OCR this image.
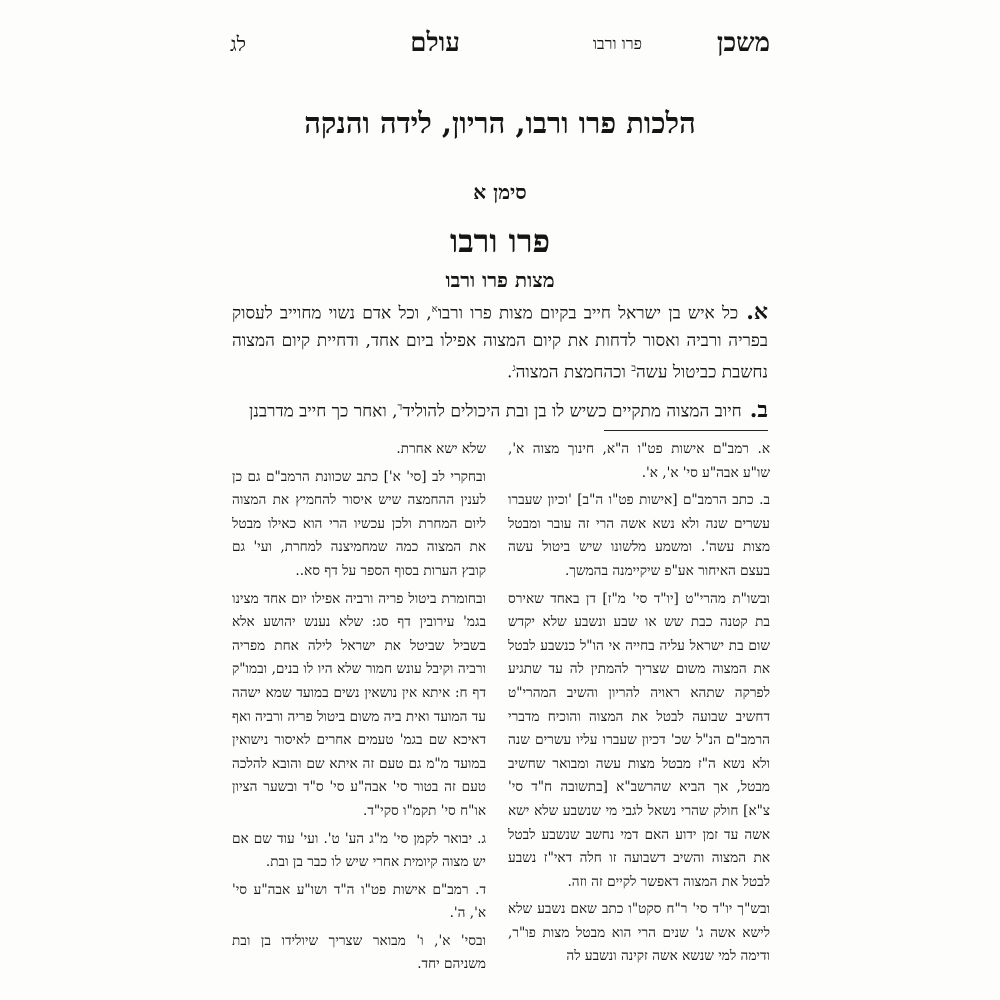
משכן
פרו ורבו
עולם
לג
הלכות פרו ורבו, הריון, לידה והנקה
סימן א
פרו ורבו
מצות פרו ורבו

א.כל איש בן ישראל חייב בקיום מצות פרו ורבו$^א$, וכל אדם נשוי מחוייב לעסוק בפריה ורביה ואסור לדחות את קיום המצוה אפילו ביום אחד, ודחיית קיום המצוה נחשבת כביטול עשה$^ב$ וכהחמצת המצוה$^ג$.

ב.חיוב המצוה מתקיים כשיש לו בן ובת היכולים להוליד$^ד$, ואחר כך חייב מדרבנן

א. רמב"ם אישות פט"ו ה"א, חינוך מצוה א', שו"ע אבה"ע סי' א', א'.

ב. כתב הרמב"ם [אישות פט"ו ה"ב] 'וכיון שעברו עשרים שנה ולא נשא אשה הרי זה עובר ומבטל מצות עשה'. ומשמע מלשונו שיש ביטול עשה בעצם האיחור אע"פ שיקיימנה בהמשך.

ובשו"ת מהרי"ט [יו"ד סי' מ"ז] דן באחד שאירס בת קטנה כבת שש או שבע ונשבע שלא יקדש שום בת ישראל עליה בחייה אי הו"ל כנשבע לבטל את המצוה משום שצריך להמתין לה עד שתגיע לפרקה שתהא ראויה להריון והשיב המהרי"ט דחשיב שבועה לבטל את המצוה והוכיח מדברי הרמב"ם הנ"ל שכ' דכיון שעברו עליו עשרים שנה ולא נשא ה"ז מבטל מצות עשה ומבואר שחשיב מבטל, אך הביא שהרשב"א [בתשובה ח"ד סי' צ"א] חולק שהרי נשאל לגבי מי שנשבע שלא ישא אשה עד זמן ידוע האם דמי נחשב שנשבע לבטל את המצוה והשיב דשבועה זו חלה דאי"ז נשבע לבטל את המצוה דאפשר לקיים זה וזה.

ובש"ך יו"ד סי' ר"ח סקט"ו כתב שאם נשבע שלא לישא אשה ג' שנים הרי הוא מבטל מצות פו"ר, ודימה למי שנשא אשה זקינה ונשבע לה

שלא ישא אחרת.

ובחקרי לב [סי' א'] כתב שכוונת הרמב"ם גם כן לענין ההחמצה שיש איסור להחמיץ את המצוה ליום המחרת ולכן עכשיו הרי הוא כאילו מבטל את המצוה כמה שמחמיצנה למחרת, ועי' גם קובץ הערות בסוף הספר על דף סא..

ובחומרת ביטול פריה ורביה אפילו יום אחד מצינו בגמ' עירובין דף סג: שלא נענש יהושע אלא בשביל שביטל את ישראל לילה אחת מפריה ורביה וקיבל עונש חמור שלא היו לו בנים, ובמו"ק דף ח: איתא אין נושאין נשים במועד שמא ישהה עד המועד ואית ביה משום ביטול פריה ורביה ואף דאיכא שם בגמ' טעמים אחרים לאיסור נישואין במועד מ"מ גם טעם זה איתא שם והובא להלכה טעם זה בטור סי' אבה"ע סי' ס"ד ובשער הציון או"ח סי' תקמ"ו סקי"ד.

ג. יבואר לקמן סי' מ"ג הע' ט'. ועי' עוד שם אם יש מצוה קיומית אחרי שיש לו כבר בן ובת.

ד. רמב"ם אישות פט"ו ה"ד ושו"ע אבה"ע סי' א', ה'.

ובסי' א', ו' מבואר שצריך שיולידו בן ובת משניהם יחד.
